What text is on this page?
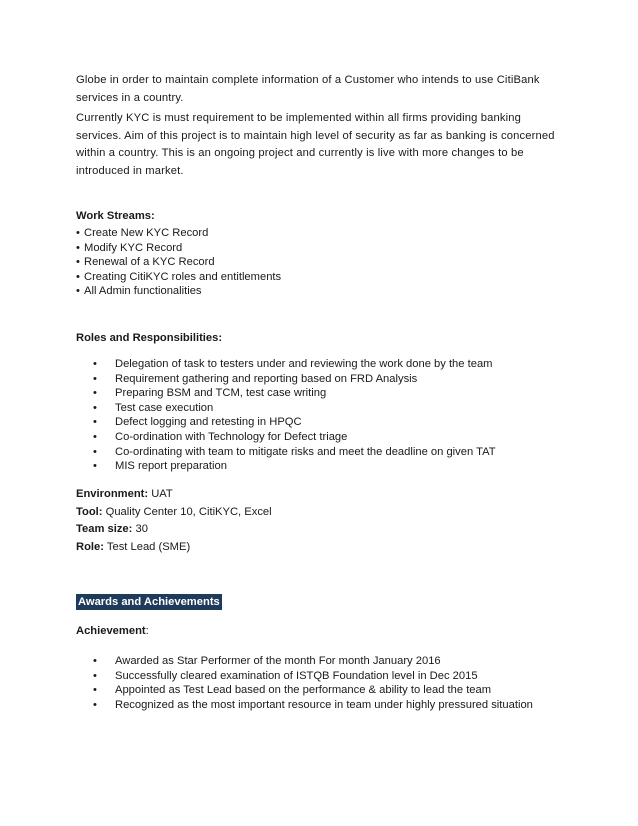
Globe in order to maintain complete information of a Customer who intends to use CitiBank services in a country.

Currently KYC is must requirement to be implemented within all firms providing banking services. Aim of this project is to maintain high level of security as far as banking is concerned within a country. This is an ongoing project and currently is live with more changes to be introduced in market.

Work Streams:

• Create New KYC Record
• Modify KYC Record
• Renewal of a KYC Record
• Creating CitiKYC roles and entitlements
• All Admin functionalities

Roles and Responsibilities:

• Delegation of task to testers under and reviewing the work done by the team
• Requirement gathering and reporting based on FRD Analysis
• Preparing BSM and TCM, test case writing
• Test case execution
• Defect logging and retesting in HPQC
• Co-ordination with Technology for Defect triage
• Co-ordinating with team to mitigate risks and meet the deadline on given TAT
• MIS report preparation

Environment: UAT

Tool: Quality Center 10, CitiKYC, Excel

Team size: 30

Role: Test Lead (SME)

Awards and Achievements

Achievement:

• Awarded as Star Performer of the month For month January 2016
• Successfully cleared examination of ISTQB Foundation level in Dec 2015
• Appointed as Test Lead based on the performance & ability to lead the team
• Recognized as the most important resource in team under highly pressured situation
